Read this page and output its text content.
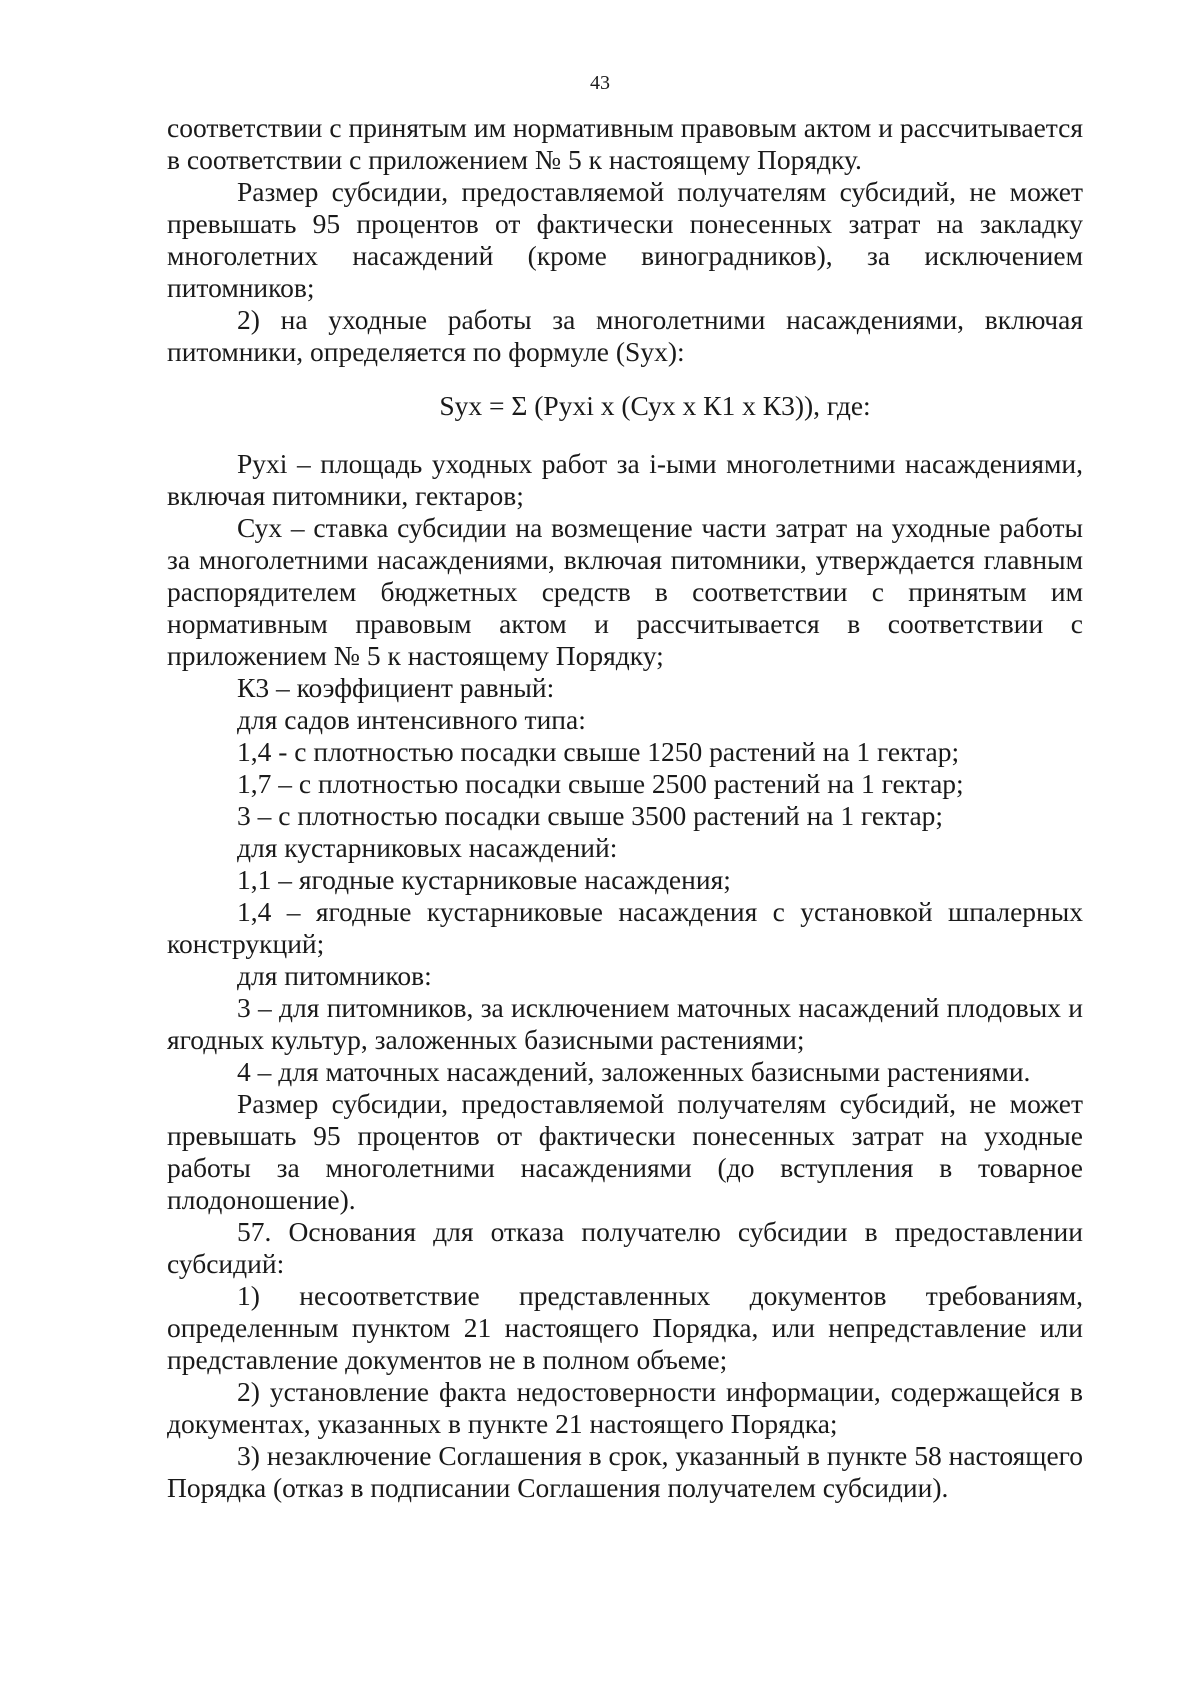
43

соответствии с принятым им нормативным правовым актом и рассчитывается в соответствии с приложением № 5 к настоящему Порядку.

Размер субсидии, предоставляемой получателям субсидий, не может превышать 95 процентов от фактически понесенных затрат на закладку многолетних насаждений (кроме виноградников), за исключением питомников;

2) на уходные работы за многолетними насаждениями, включая питомники, определяется по формуле (Sух):

Sух = Σ (Рухi х (Сух х К1 х К3)), где:

Рухi – площадь уходных работ за i-ыми многолетними насаждениями, включая питомники, гектаров;

Сух – ставка субсидии на возмещение части затрат на уходные работы за многолетними насаждениями, включая питомники, утверждается главным распорядителем бюджетных средств в соответствии с принятым им нормативным правовым актом и рассчитывается в соответствии с приложением № 5 к настоящему Порядку;

К3 – коэффициент равный:

для садов интенсивного типа:

1,4 - с плотностью посадки свыше 1250 растений на 1 гектар;

1,7 – с плотностью посадки свыше 2500 растений на 1 гектар;

3 – с плотностью посадки свыше 3500 растений на 1 гектар;

для кустарниковых насаждений:

1,1 – ягодные кустарниковые насаждения;

1,4 – ягодные кустарниковые насаждения с установкой шпалерных конструкций;

для питомников:

3 – для питомников, за исключением маточных насаждений плодовых и ягодных культур, заложенных базисными растениями;

4 – для маточных насаждений, заложенных базисными растениями.

Размер субсидии, предоставляемой получателям субсидий, не может превышать 95 процентов от фактически понесенных затрат на уходные работы за многолетними насаждениями (до вступления в товарное плодоношение).

57. Основания для отказа получателю субсидии в предоставлении субсидий:

1) несоответствие представленных документов требованиям, определенным пунктом 21 настоящего Порядка, или непредставление или представление документов не в полном объеме;

2) установление факта недостоверности информации, содержащейся в документах, указанных в пункте 21 настоящего Порядка;

3) незаключение Соглашения в срок, указанный в пункте 58 настоящего Порядка (отказ в подписании Соглашения получателем субсидии).
